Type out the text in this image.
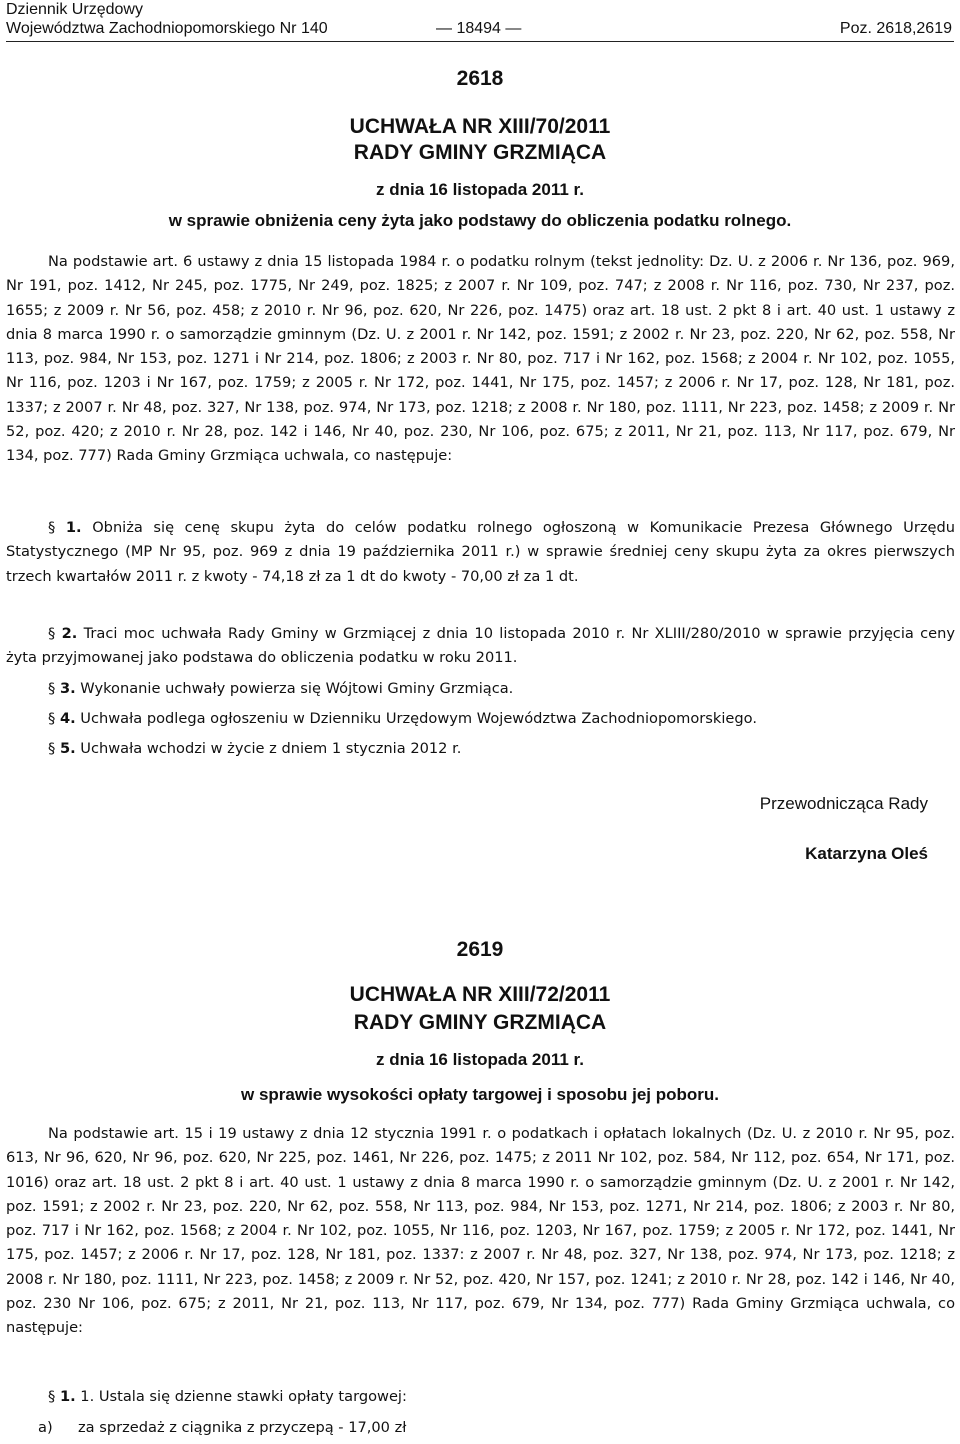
Dziennik Urzędowy
Województwa Zachodniopomorskiego Nr 140	— 18494 —	Poz. 2618,2619
2618
UCHWAŁA NR XIII/70/2011
RADY GMINY GRZMIĄCA
z dnia 16 listopada 2011 r.
w sprawie obniżenia ceny żyta jako podstawy do obliczenia podatku rolnego.

Na podstawie art. 6 ustawy z dnia 15 listopada 1984 r. o podatku rolnym (tekst jednolity: Dz. U. z 2006 r. Nr 136, poz. 969, Nr 191, poz. 1412, Nr 245, poz. 1775, Nr 249, poz. 1825; z 2007 r. Nr 109, poz. 747; z 2008 r. Nr 116, poz. 730, Nr 237, poz. 1655; z 2009 r. Nr 56, poz. 458; z 2010 r. Nr 96, poz. 620, Nr 226, poz. 1475) oraz art. 18 ust. 2 pkt 8 i art. 40 ust. 1 ustawy z dnia 8 marca 1990 r. o samorządzie gminnym (Dz. U. z 2001 r. Nr 142, poz. 1591; z 2002 r. Nr 23, poz. 220, Nr 62, poz. 558, Nr 113, poz. 984, Nr 153, poz. 1271 i Nr 214, poz. 1806; z 2003 r. Nr 80, poz. 717 i Nr 162, poz. 1568; z 2004 r. Nr 102, poz. 1055, Nr 116, poz. 1203 i Nr 167, poz. 1759; z 2005 r. Nr 172, poz. 1441, Nr 175, poz. 1457; z 2006 r. Nr 17, poz. 128, Nr 181, poz. 1337; z 2007 r. Nr 48, poz. 327, Nr 138, poz. 974, Nr 173, poz. 1218; z 2008 r. Nr 180, poz. 1111, Nr 223, poz. 1458; z 2009 r. Nr 52, poz. 420; z 2010 r. Nr 28, poz. 142 i 146, Nr 40, poz. 230, Nr 106, poz. 675; z 2011, Nr 21, poz. 113, Nr 117, poz. 679, Nr 134, poz. 777) Rada Gminy Grzmiąca uchwala, co następuje:

§ 1. Obniża się cenę skupu żyta do celów podatku rolnego ogłoszoną w Komunikacie Prezesa Głównego Urzędu Statystycznego (MP Nr 95, poz. 969 z dnia 19 października 2011 r.) w sprawie średniej ceny skupu żyta za okres pierwszych trzech kwartałów 2011 r. z kwoty - 74,18 zł za 1 dt do kwoty - 70,00 zł za 1 dt.

§ 2. Traci moc uchwała Rady Gminy w Grzmiącej z dnia 10 listopada 2010 r. Nr XLIII/280/2010 w sprawie przyjęcia ceny żyta przyjmowanej jako podstawa do obliczenia podatku w roku 2011.

§ 3. Wykonanie uchwały powierza się Wójtowi Gminy Grzmiąca.

§ 4. Uchwała podlega ogłoszeniu w Dzienniku Urzędowym Województwa Zachodniopomorskiego.

§ 5. Uchwała wchodzi w życie z dniem 1 stycznia 2012 r.

Przewodnicząca Rady
Katarzyna Oleś
2619
UCHWAŁA NR XIII/72/2011
RADY GMINY GRZMIĄCA
z dnia 16 listopada 2011 r.
w sprawie wysokości opłaty targowej i sposobu jej poboru.

Na podstawie art. 15 i 19 ustawy z dnia 12 stycznia 1991 r. o podatkach i opłatach lokalnych (Dz. U. z 2010 r. Nr 95, poz. 613, Nr 96, 620, Nr 96, poz. 620, Nr 225, poz. 1461, Nr 226, poz. 1475; z 2011 Nr 102, poz. 584, Nr 112, poz. 654, Nr 171, poz. 1016) oraz art. 18 ust. 2 pkt 8 i art. 40 ust. 1 ustawy z dnia 8 marca 1990 r. o samorządzie gminnym (Dz. U. z 2001 r. Nr 142, poz. 1591; z 2002 r. Nr 23, poz. 220, Nr 62, poz. 558, Nr 113, poz. 984, Nr 153, poz. 1271, Nr 214, poz. 1806; z 2003 r. Nr 80, poz. 717 i Nr 162, poz. 1568; z 2004 r. Nr 102, poz. 1055, Nr 116, poz. 1203, Nr 167, poz. 1759; z 2005 r. Nr 172, poz. 1441, Nr 175, poz. 1457; z 2006 r. Nr 17, poz. 128, Nr 181, poz. 1337: z 2007 r. Nr 48, poz. 327, Nr 138, poz. 974, Nr 173, poz. 1218; z 2008 r. Nr 180, poz. 1111, Nr 223, poz. 1458; z 2009 r. Nr 52, poz. 420, Nr 157, poz. 1241; z 2010 r. Nr 28, poz. 142 i 146, Nr 40, poz. 230 Nr 106, poz. 675; z 2011, Nr 21, poz. 113, Nr 117, poz. 679, Nr 134, poz. 777) Rada Gminy Grzmiąca uchwala, co następuje:

§ 1. 1. Ustala się dzienne stawki opłaty targowej:

a) za sprzedaż z ciągnika z przyczepą - 17,00 zł
